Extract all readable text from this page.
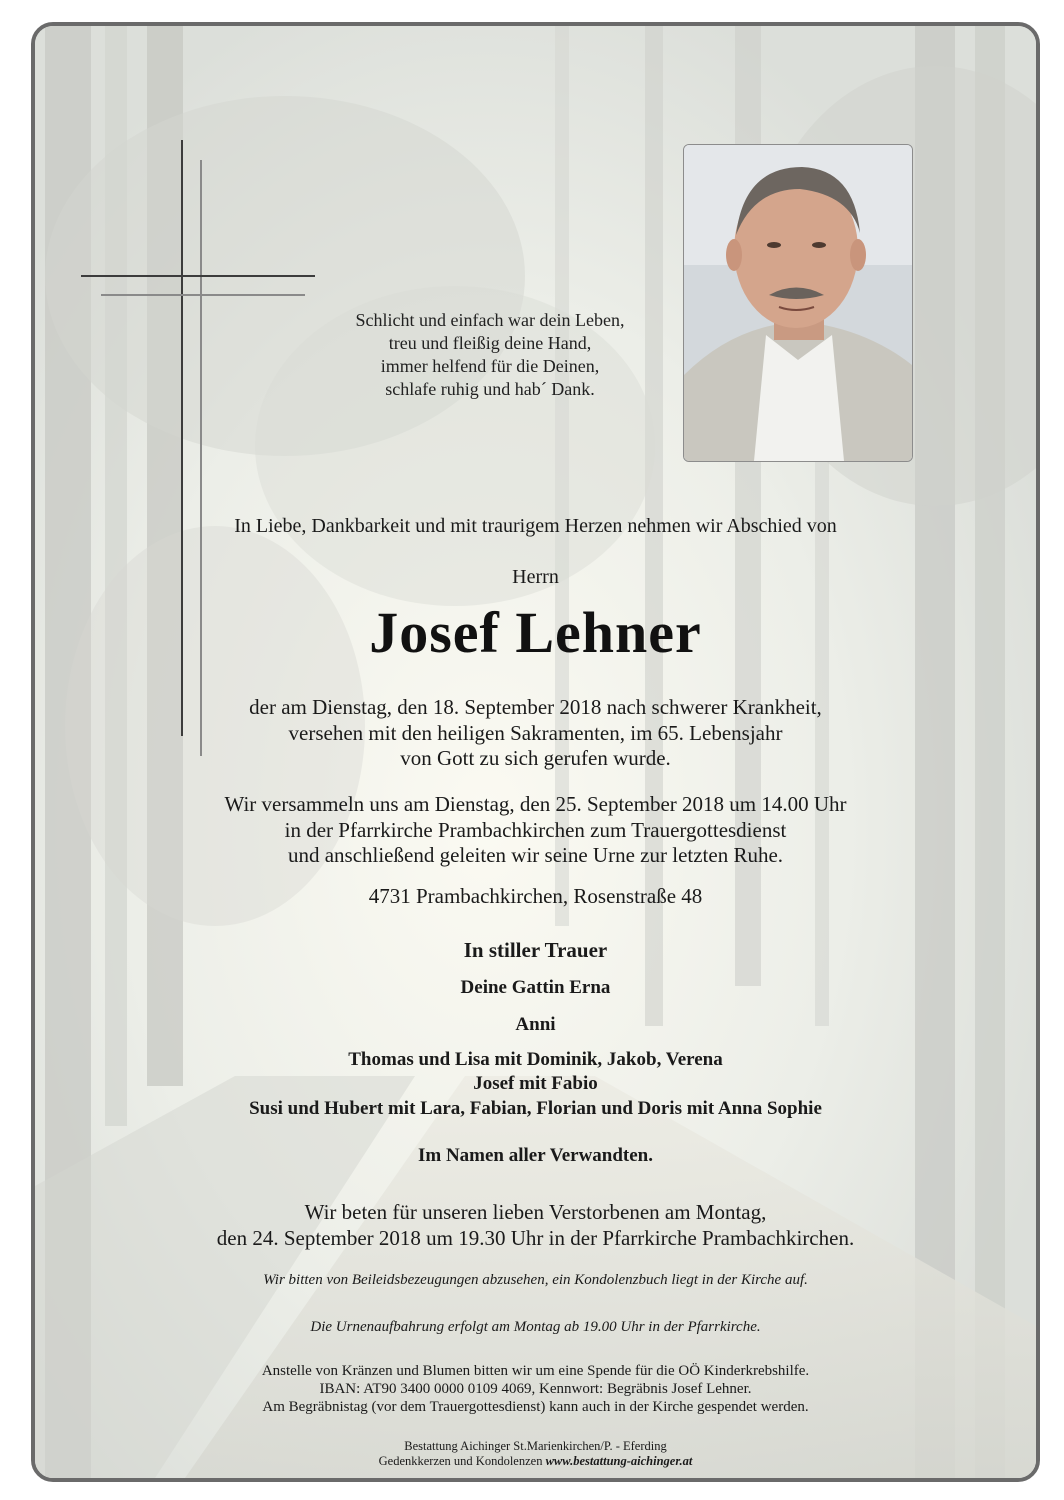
Schlicht und einfach war dein Leben,
treu und fleißig deine Hand,
immer helfend für die Deinen,
schlafe ruhig und hab´ Dank.
In Liebe, Dankbarkeit und mit traurigem Herzen nehmen wir Abschied von
Herrn
Josef Lehner
der am Dienstag, den 18. September 2018 nach schwerer Krankheit,
versehen mit den heiligen Sakramenten, im 65. Lebensjahr
von Gott zu sich gerufen wurde.
Wir versammeln uns am Dienstag, den 25. September 2018 um 14.00 Uhr
in der Pfarrkirche Prambachkirchen zum Trauergottesdienst
und anschließend geleiten wir seine Urne zur letzten Ruhe.
4731 Prambachkirchen, Rosenstraße 48
In stiller Trauer
Deine Gattin Erna
Anni
Thomas und Lisa mit Dominik, Jakob, Verena
Josef mit Fabio
Susi und Hubert mit Lara, Fabian, Florian und Doris mit Anna Sophie
Im Namen aller Verwandten.
Wir beten für unseren lieben Verstorbenen am Montag,
den 24. September 2018 um 19.30 Uhr in der Pfarrkirche Prambachkirchen.
Wir bitten von Beileidsbezeugungen abzusehen, ein Kondolenzbuch liegt in der Kirche auf.
Die Urnenaufbahrung erfolgt am Montag ab 19.00 Uhr in der Pfarrkirche.
Anstelle von Kränzen und Blumen bitten wir um eine Spende für die OÖ Kinderkrebshilfe.
IBAN: AT90 3400 0000 0109 4069, Kennwort: Begräbnis Josef Lehner.
Am Begräbnistag (vor dem Trauergottesdienst) kann auch in der Kirche gespendet werden.
Bestattung Aichinger St.Marienkirchen/P. - Eferding
Gedenkkerzen und Kondolenzen www.bestattung-aichinger.at
